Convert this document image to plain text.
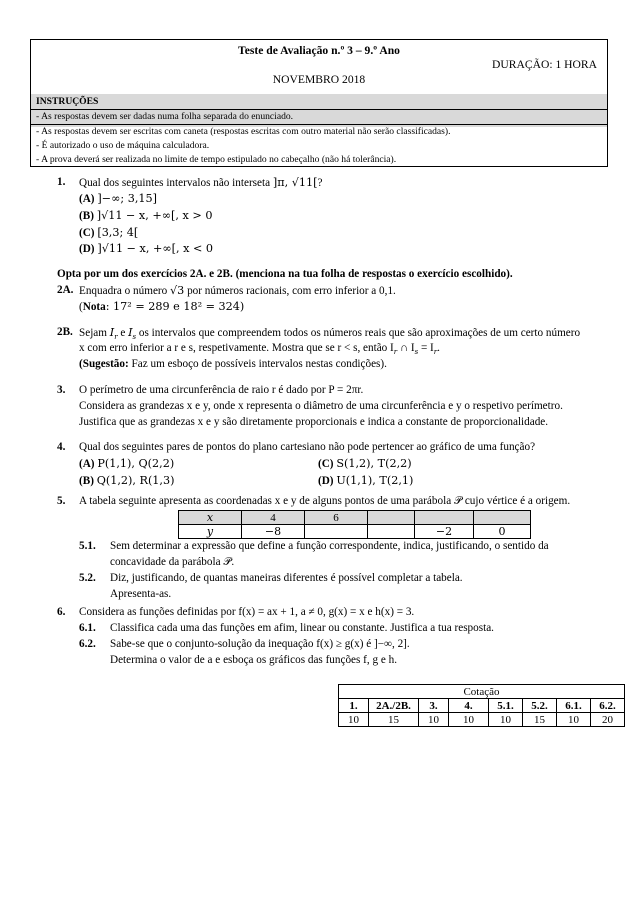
Teste de Avaliação n.º 3 – 9.º Ano
DURAÇÃO: 1 HORA
NOVEMBRO 2018
INSTRUÇÕES
- As respostas devem ser dadas numa folha separada do enunciado.
- As respostas devem ser escritas com caneta (respostas escritas com outro material não serão classificadas).
- É autorizado o uso de máquina calculadora.
- A prova deverá ser realizada no limite de tempo estipulado no cabeçalho (não há tolerância).
1. Qual dos seguintes intervalos não interseta ]π, √11[?
(A) ]−∞; 3,15]
(B) ]√11 − x, +∞[, x > 0
(C) [3,3; 4[
(D) ]√11 − x, +∞[, x < 0
Opta por um dos exercícios 2A. e 2B. (menciona na tua folha de respostas o exercício escolhido).
2A. Enquadra o número √3 por números racionais, com erro inferior a 0,1.
(Nota: 17² = 289 e 18² = 324)
2B. Sejam $I_r$ e $I_s$ os intervalos que compreendem todos os números reais que são aproximações de um certo número
x com erro inferior a r e s, respetivamente. Mostra que se r < s, então $I_r$ ∩ $I_s = I_r$.
(Sugestão: Faz um esboço de possíveis intervalos nestas condições).
3. O perímetro de uma circunferência de raio r é dado por P = 2πr.
Considera as grandezas x e y, onde x representa o diâmetro de uma circunferência e y o respetivo perímetro.
Justifica que as grandezas x e y são diretamente proporcionais e indica a constante de proporcionalidade.
4. Qual dos seguintes pares de pontos do plano cartesiano não pode pertencer ao gráfico de uma função?
(A) P(1,1), Q(2,2)	(C) S(1,2), T(2,2)
(B) Q(1,2), R(1,3)	(D) U(1,1), T(2,1)
5. A tabela seguinte apresenta as coordenadas x e y de alguns pontos de uma parábola 𝒫 cujo vértice é a origem.
x	4	6			
y	−8			−2	0
5.1. Sem determinar a expressão que define a função correspondente, indica, justificando, o sentido da
concavidade da parábola 𝒫.
5.2. Diz, justificando, de quantas maneiras diferentes é possível completar a tabela.
Apresenta-as.
6. Considera as funções definidas por f(x) = ax + 1, a ≠ 0, g(x) = x e h(x) = 3.
6.1. Classifica cada uma das funções em afim, linear ou constante. Justifica a tua resposta.
6.2. Sabe-se que o conjunto-solução da inequação f(x) ≥ g(x) é ]−∞, 2].
Determina o valor de a e esboça os gráficos das funções f, g e h.
Cotação							
1.	2A./2B.	3.	4.	5.1.	5.2.	6.1.	6.2.
10	15	10	10	10	15	10	20
